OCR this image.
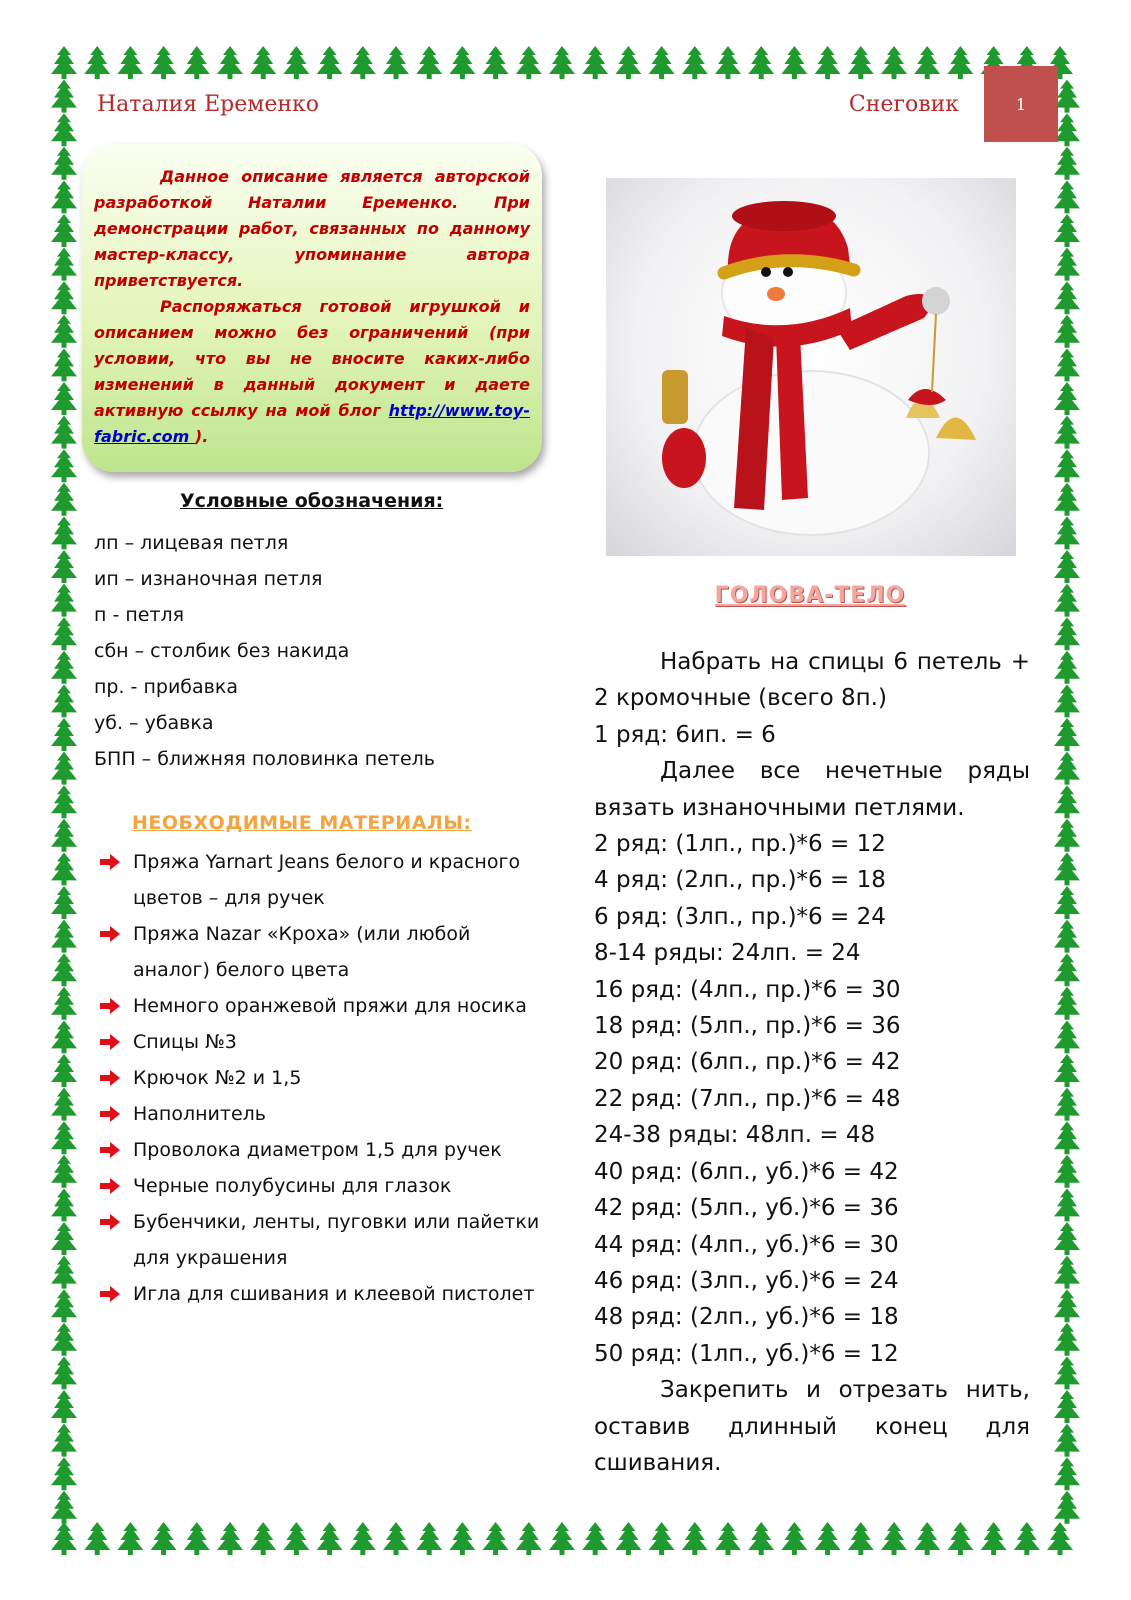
Наталия Еременко	Снеговик	1

Данное описание является авторской разработкой Наталии Еременко. При демонстрации работ, связанных по данному мастер-классу, упоминание автора приветствуется.

Распоряжаться готовой игрушкой и описанием можно без ограничений (при условии, что вы не вносите каких-либо изменений в данный документ и даете активную ссылку на мой блог http://www.toy-fabric.com ).

Условные обозначения:
лп – лицевая петля
ип – изнаночная петля
п - петля
сбн – столбик без накида
пр. - прибавка
уб. – убавка
БПП – ближняя половинка петель
НЕОБХОДИМЫЕ МАТЕРИАЛЫ:
Пряжа Yarnart Jeans белого и красного цветов – для ручек
Пряжа Nazar «Кроха» (или любой аналог) белого цвета
Немного оранжевой пряжи для носика
Спицы №3
Крючок №2 и 1,5
Наполнитель
Проволока диаметром 1,5 для ручек
Черные полубусины для глазок
Бубенчики, ленты, пуговки или пайетки для украшения
Игла для сшивания и клеевой пистолет
ГОЛОВА-ТЕЛО

Набрать на спицы 6 петель + 2 кромочные (всего 8п.)

1 ряд: 6ип. = 6

Далее все нечетные ряды вязать изнаночными петлями.

2 ряд: (1лп., пр.)*6 = 12

4 ряд: (2лп., пр.)*6 = 18

6 ряд: (3лп., пр.)*6 = 24

8-14 ряды: 24лп. = 24

16 ряд: (4лп., пр.)*6 = 30

18 ряд: (5лп., пр.)*6 = 36

20 ряд: (6лп., пр.)*6 = 42

22 ряд: (7лп., пр.)*6 = 48

24-38 ряды: 48лп. = 48

40 ряд: (6лп., уб.)*6 = 42

42 ряд: (5лп., уб.)*6 = 36

44 ряд: (4лп., уб.)*6 = 30

46 ряд: (3лп., уб.)*6 = 24

48 ряд: (2лп., уб.)*6 = 18

50 ряд: (1лп., уб.)*6 = 12

Закрепить и отрезать нить, оставив длинный конец для сшивания.
